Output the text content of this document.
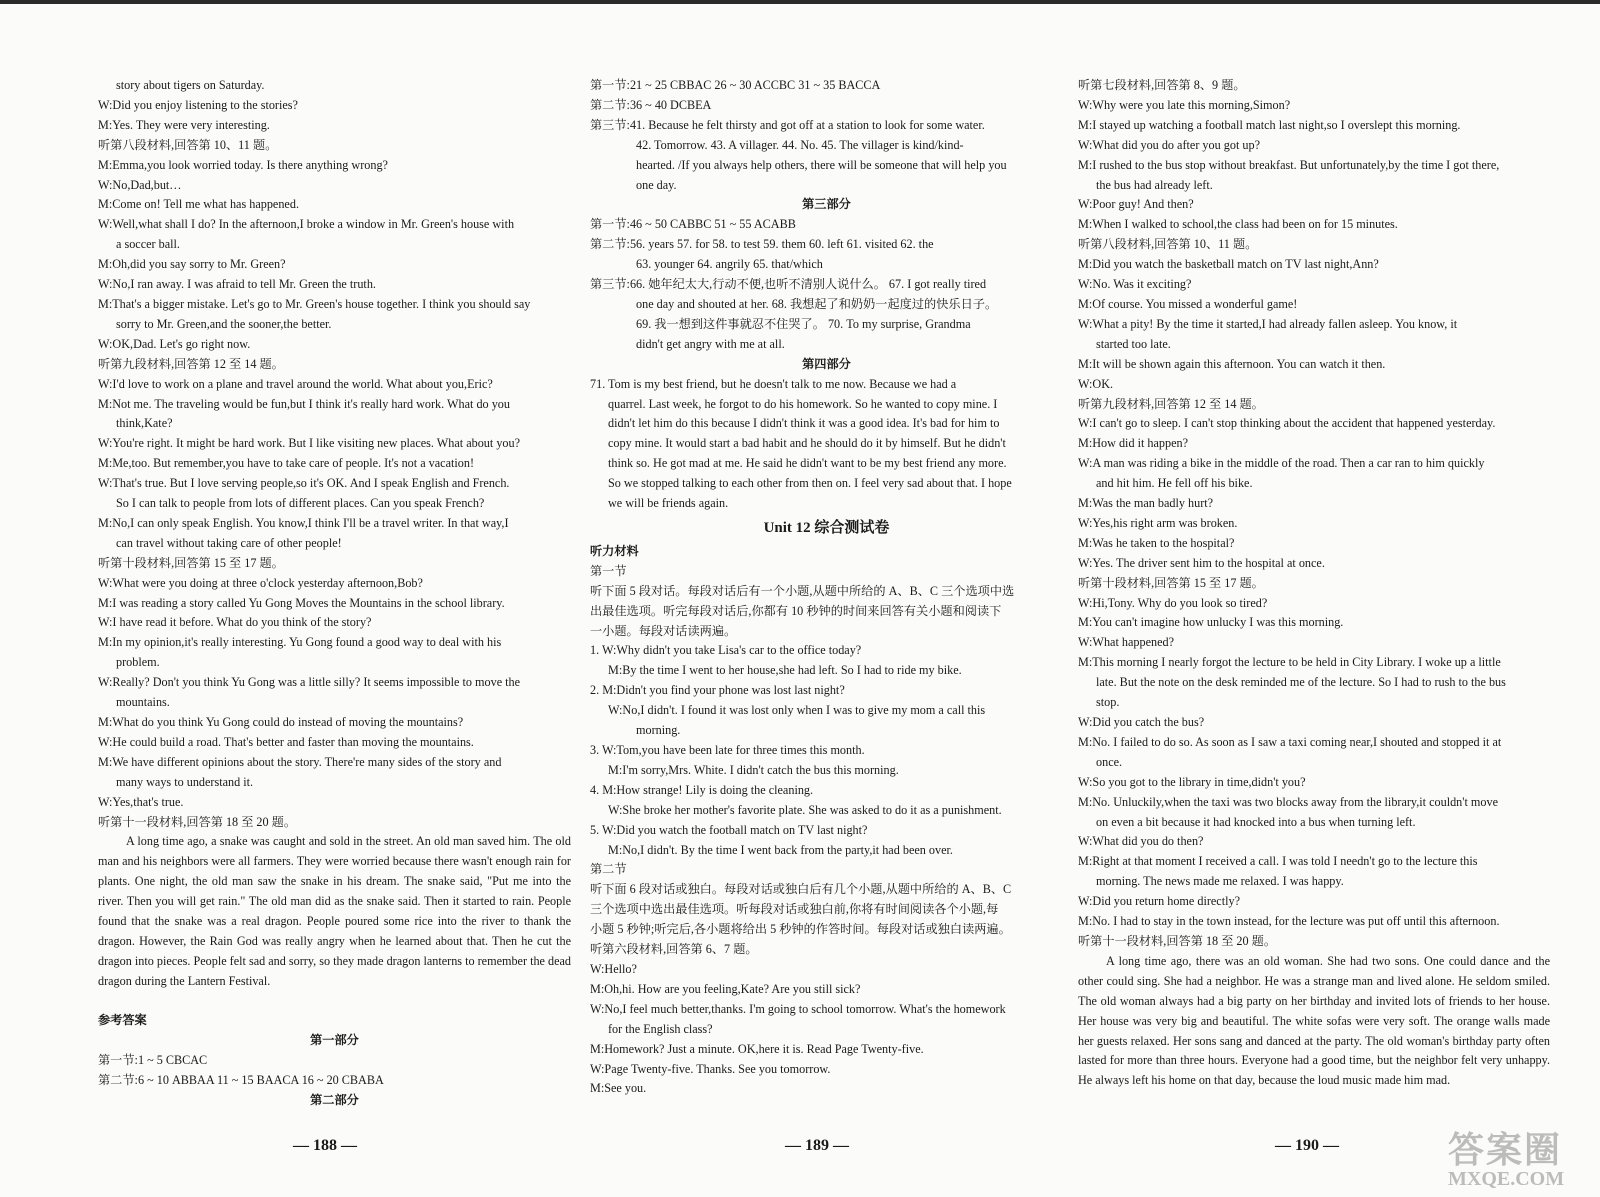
story about tigers on Saturday.
W:Did you enjoy listening to the stories?
M:Yes. They were very interesting.
听第八段材料,回答第 10、11 题。
M:Emma,you look worried today. Is there anything wrong?
W:No,Dad,but…
M:Come on! Tell me what has happened.
W:Well,what shall I do? In the afternoon,I broke a window in Mr. Green's house with
a soccer ball.
M:Oh,did you say sorry to Mr. Green?
W:No,I ran away. I was afraid to tell Mr. Green the truth.
M:That's a bigger mistake. Let's go to Mr. Green's house together. I think you should say
sorry to Mr. Green,and the sooner,the better.
W:OK,Dad. Let's go right now.
听第九段材料,回答第 12 至 14 题。
W:I'd love to work on a plane and travel around the world. What about you,Eric?
M:Not me. The traveling would be fun,but I think it's really hard work. What do you
think,Kate?
W:You're right. It might be hard work. But I like visiting new places. What about you?
M:Me,too. But remember,you have to take care of people. It's not a vacation!
W:That's true. But I love serving people,so it's OK. And I speak English and French.
So I can talk to people from lots of different places. Can you speak French?
M:No,I can only speak English. You know,I think I'll be a travel writer. In that way,I
can travel without taking care of other people!
听第十段材料,回答第 15 至 17 题。
W:What were you doing at three o'clock yesterday afternoon,Bob?
M:I was reading a story called Yu Gong Moves the Mountains in the school library.
W:I have read it before. What do you think of the story?
M:In my opinion,it's really interesting. Yu Gong found a good way to deal with his
problem.
W:Really? Don't you think Yu Gong was a little silly? It seems impossible to move the
mountains.
M:What do you think Yu Gong could do instead of moving the mountains?
W:He could build a road. That's better and faster than moving the mountains.
M:We have different opinions about the story. There're many sides of the story and
many ways to understand it.
W:Yes,that's true.
听第十一段材料,回答第 18 至 20 题。
A long time ago, a snake was caught and sold in the street. An old man saved him. The old man and his neighbors were all farmers. They were worried because there wasn't enough rain for plants. One night, the old man saw the snake in his dream. The snake said, "Put me into the river. Then you will get rain." The old man did as the snake said. Then it started to rain. People found that the snake was a real dragon. People poured some rice into the river to thank the dragon. However, the Rain God was really angry when he learned about that. Then he cut the dragon into pieces. People felt sad and sorry, so they made dragon lanterns to remember the dead dragon during the Lantern Festival.
参考答案
第一部分
第一节:1 ~ 5 CBCAC
第二节:6 ~ 10 ABBAA 11 ~ 15 BAACA 16 ~ 20 CBABA
第二部分
第一节:21 ~ 25 CBBAC 26 ~ 30 ACCBC 31 ~ 35 BACCA
第二节:36 ~ 40 DCBEA
第三节:41. Because he felt thirsty and got off at a station to look for some water.
42. Tomorrow. 43. A villager. 44. No. 45. The villager is kind/kind-
hearted. /If you always help others, there will be someone that will help you
one day.
第三部分
第一节:46 ~ 50 CABBC 51 ~ 55 ACABB
第二节:56. years 57. for 58. to test 59. them 60. left 61. visited 62. the
63. younger 64. angrily 65. that/which
第三节:66. 她年纪太大,行动不便,也听不清别人说什么。 67. I got really tired
one day and shouted at her. 68. 我想起了和奶奶一起度过的快乐日子。
69. 我一想到这件事就忍不住哭了。 70. To my surprise, Grandma
didn't get angry with me at all.
第四部分
71. Tom is my best friend, but he doesn't talk to me now. Because we had a
quarrel. Last week, he forgot to do his homework. So he wanted to copy mine. I
didn't let him do this because I didn't think it was a good idea. It's bad for him to
copy mine. It would start a bad habit and he should do it by himself. But he didn't
think so. He got mad at me. He said he didn't want to be my best friend any more.
So we stopped talking to each other from then on. I feel very sad about that. I hope
we will be friends again.
Unit 12 综合测试卷
听力材料
第一节
听下面 5 段对话。每段对话后有一个小题,从题中所给的 A、B、C 三个选项中选
出最佳选项。听完每段对话后,你都有 10 秒钟的时间来回答有关小题和阅读下
一小题。每段对话读两遍。
1. W:Why didn't you take Lisa's car to the office today?
M:By the time I went to her house,she had left. So I had to ride my bike.
2. M:Didn't you find your phone was lost last night?
W:No,I didn't. I found it was lost only when I was to give my mom a call this
morning.
3. W:Tom,you have been late for three times this month.
M:I'm sorry,Mrs. White. I didn't catch the bus this morning.
4. M:How strange! Lily is doing the cleaning.
W:She broke her mother's favorite plate. She was asked to do it as a punishment.
5. W:Did you watch the football match on TV last night?
M:No,I didn't. By the time I went back from the party,it had been over.
第二节
听下面 6 段对话或独白。每段对话或独白后有几个小题,从题中所给的 A、B、C
三个选项中选出最佳选项。听每段对话或独白前,你将有时间阅读各个小题,每
小题 5 秒钟;听完后,各小题将给出 5 秒钟的作答时间。每段对话或独白读两遍。
听第六段材料,回答第 6、7 题。
W:Hello?
M:Oh,hi. How are you feeling,Kate? Are you still sick?
W:No,I feel much better,thanks. I'm going to school tomorrow. What's the homework
for the English class?
M:Homework? Just a minute. OK,here it is. Read Page Twenty-five.
W:Page Twenty-five. Thanks. See you tomorrow.
M:See you.
听第七段材料,回答第 8、9 题。
W:Why were you late this morning,Simon?
M:I stayed up watching a football match last night,so I overslept this morning.
W:What did you do after you got up?
M:I rushed to the bus stop without breakfast. But unfortunately,by the time I got there,
the bus had already left.
W:Poor guy! And then?
M:When I walked to school,the class had been on for 15 minutes.
听第八段材料,回答第 10、11 题。
M:Did you watch the basketball match on TV last night,Ann?
W:No. Was it exciting?
M:Of course. You missed a wonderful game!
W:What a pity! By the time it started,I had already fallen asleep. You know, it
started too late.
M:It will be shown again this afternoon. You can watch it then.
W:OK.
听第九段材料,回答第 12 至 14 题。
W:I can't go to sleep. I can't stop thinking about the accident that happened yesterday.
M:How did it happen?
W:A man was riding a bike in the middle of the road. Then a car ran to him quickly
and hit him. He fell off his bike.
M:Was the man badly hurt?
W:Yes,his right arm was broken.
M:Was he taken to the hospital?
W:Yes. The driver sent him to the hospital at once.
听第十段材料,回答第 15 至 17 题。
W:Hi,Tony. Why do you look so tired?
M:You can't imagine how unlucky I was this morning.
W:What happened?
M:This morning I nearly forgot the lecture to be held in City Library. I woke up a little
late. But the note on the desk reminded me of the lecture. So I had to rush to the bus
stop.
W:Did you catch the bus?
M:No. I failed to do so. As soon as I saw a taxi coming near,I shouted and stopped it at
once.
W:So you got to the library in time,didn't you?
M:No. Unluckily,when the taxi was two blocks away from the library,it couldn't move
on even a bit because it had knocked into a bus when turning left.
W:What did you do then?
M:Right at that moment I received a call. I was told I needn't go to the lecture this
morning. The news made me relaxed. I was happy.
W:Did you return home directly?
M:No. I had to stay in the town instead, for the lecture was put off until this afternoon.
听第十一段材料,回答第 18 至 20 题。
A long time ago, there was an old woman. She had two sons. One could dance and the other could sing. She had a neighbor. He was a strange man and lived alone. He seldom smiled. The old woman always had a big party on her birthday and invited lots of friends to her house. Her house was very big and beautiful. The white sofas were very soft. The orange walls made her guests relaxed. Her sons sang and danced at the party. The old woman's birthday party often lasted for more than three hours. Everyone had a good time, but the neighbor felt very unhappy. He always left his home on that day, because the loud music made him mad.
— 188 —	— 189 —	— 190 —	答案圈
MXQE.COM
